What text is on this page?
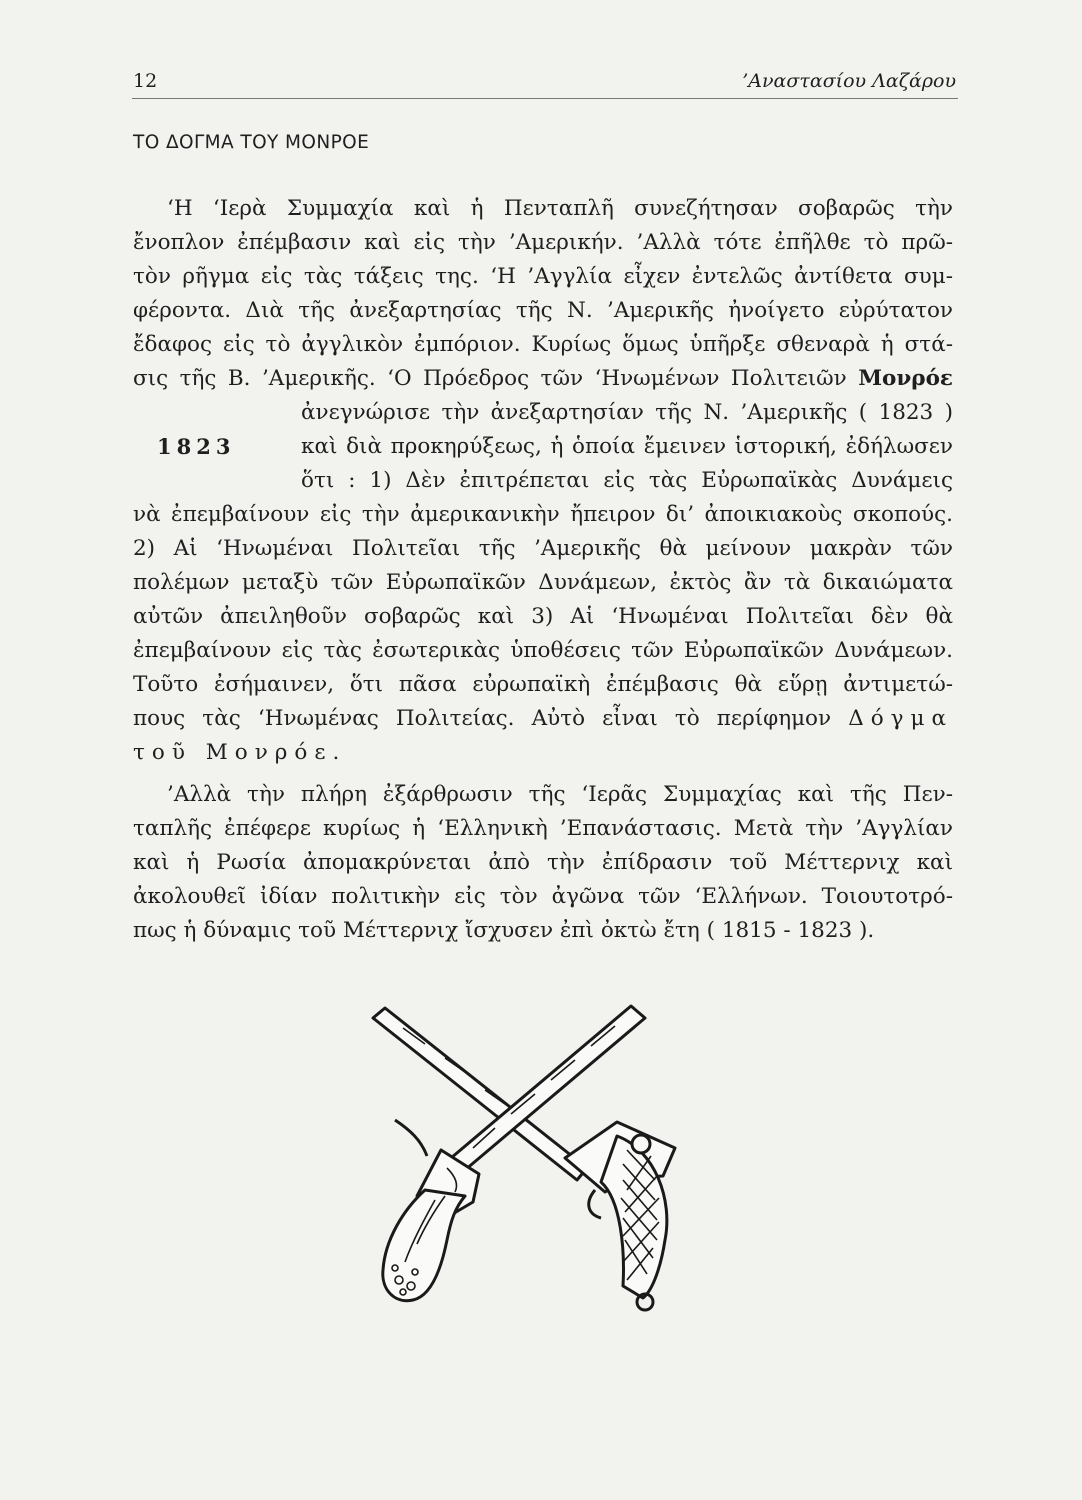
12	’Αναστασίου Λαζάρου
ΤΟ ΔΟΓΜΑ ΤΟΥ ΜΟΝΡΟΕ
‘Η ‘Ιερὰ Συμμαχία καὶ ἡ Πενταπλῆ συνεζήτησαν σοβαρῶς τὴν
ἔνοπλον ἐπέμβασιν καὶ εἰς τὴν ’Αμερικήν. ’Αλλὰ τότε ἐπῆλθε τὸ πρῶ-
τὸν ρῆγμα εἰς τὰς τάξεις της. ‘Η ’Αγγλία εἶχεν ἐντελῶς ἀντίθετα συμ-
φέροντα. Διὰ τῆς ἀνεξαρτησίας τῆς Ν. ’Αμερικῆς ἠνοίγετο εὐρύτατον
ἔδαφος εἰς τὸ ἀγγλικὸν ἐμπόριον. Κυρίως ὅμως ὑπῆρξε σθεναρὰ ἡ στά-
σις τῆς Β. ’Αμερικῆς. ‘Ο Πρόεδρος τῶν ‘Ηνωμένων Πολιτειῶν Μονρόε
ἀνεγνώρισε τὴν ἀνεξαρτησίαν τῆς Ν. ’Αμερικῆς ( 1823 )
1823	καὶ διὰ προκηρύξεως, ἡ ὁποία ἔμεινεν ἱστορική, ἐδήλωσεν
ὅτι : 1) Δὲν ἐπιτρέπεται εἰς τὰς Εὐρωπαϊκὰς Δυνάμεις
νὰ ἐπεμβαίνουν εἰς τὴν ἀμερικανικὴν ἤπειρον δι’ ἀποικιακοὺς σκοπούς.
2) Αἱ ‘Ηνωμέναι Πολιτεῖαι τῆς ’Αμερικῆς θὰ μείνουν μακρὰν τῶν
πολέμων μεταξὺ τῶν Εὐρωπαϊκῶν Δυνάμεων, ἐκτὸς ἂν τὰ δικαιώματα
αὐτῶν ἀπειληθοῦν σοβαρῶς καὶ 3) Αἱ ‘Ηνωμέναι Πολιτεῖαι δὲν θὰ
ἐπεμβαίνουν εἰς τὰς ἐσωτερικὰς ὑποθέσεις τῶν Εὐρωπαϊκῶν Δυνάμεων.
Τοῦτο ἐσήμαινεν, ὅτι πᾶσα εὐρωπαϊκὴ ἐπέμβασις θὰ εὕρῃ ἀντιμετώ-
πους τὰς ‘Ηνωμένας Πολιτείας. Αὐτὸ εἶναι τὸ περίφημον Δόγμα
τοῦ Μονρόε.
’Αλλὰ τὴν πλήρη ἐξάρθρωσιν τῆς ‘Ιερᾶς Συμμαχίας καὶ τῆς Πεν-
ταπλῆς ἐπέφερε κυρίως ἡ ‘Ελληνικὴ ’Επανάστασις. Μετὰ τὴν ’Αγγλίαν
καὶ ἡ Ρωσία ἀπομακρύνεται ἀπὸ τὴν ἐπίδρασιν τοῦ Μέττερνιχ καὶ
ἀκολουθεῖ ἰδίαν πολιτικὴν εἰς τὸν ἀγῶνα τῶν ‘Ελλήνων. Τοιουτοτρό-
πως ἡ δύναμις τοῦ Μέττερνιχ ἴσχυσεν ἐπὶ ὀκτὼ ἔτη ( 1815 - 1823 ).
